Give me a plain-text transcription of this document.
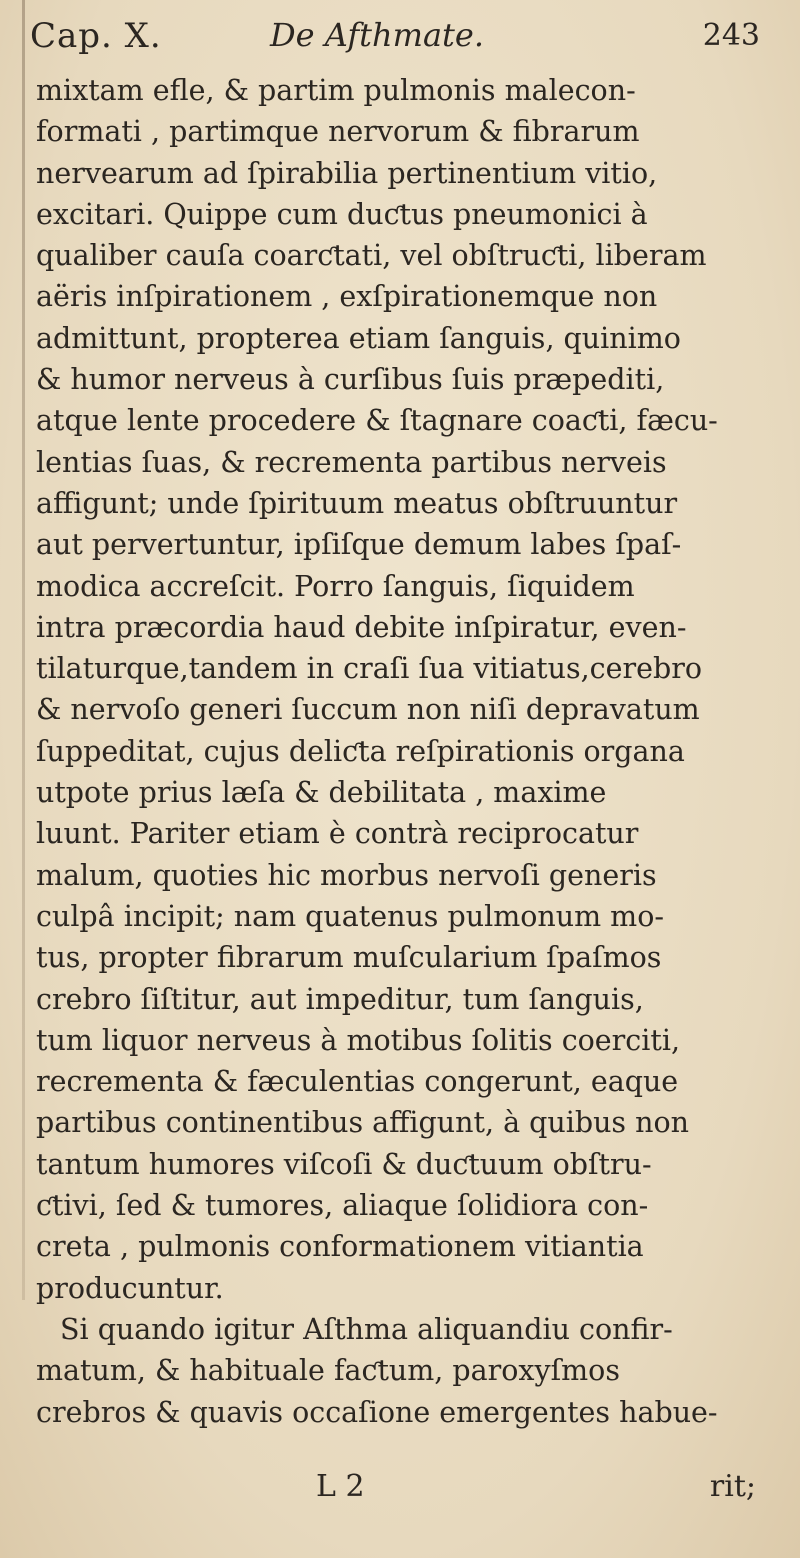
Cap. X.	De Afthmate.	243
mixtam efle, & partim pulmonis malecon-
formati , partimque nervorum & fibrarum
nervearum ad ſpirabilia pertinentium vitio,
excitari. Quippe cum duƈtus pneumonici à
qualiber cauſa coarƈtati, vel obſtruƈti, liberam
aëris inſpirationem , exſpirationemque non
admittunt, propterea etiam ſanguis, quinimo
& humor nerveus à curſibus ſuis præpediti,
atque lente procedere & ſtagnare coaƈti, fæcu-
lentias ſuas, & recrementa partibus nerveis
affigunt; unde ſpirituum meatus obſtruuntur
aut pervertuntur, ipſiſque demum labes ſpaſ-
modica accreſcit. Porro ſanguis, ſiquidem
intra præcordia haud debite inſpiratur, even-
tilaturque,tandem in craſi ſua vitiatus,cerebro
& nervoſo generi ſuccum non niſi depravatum
ſuppeditat, cujus deliƈta reſpirationis organa
utpote prius læſa & debilitata , maxime
luunt. Pariter etiam è contrà reciprocatur
malum, quoties hic morbus nervoſi generis
culpâ incipit; nam quatenus pulmonum mo-
tus, propter fibrarum muſcularium ſpaſmos
crebro ſiſtitur, aut impeditur, tum ſanguis,
tum liquor nerveus à motibus ſolitis coerciti,
recrementa & fæculentias congerunt, eaque
partibus continentibus affigunt, à quibus non
tantum humores viſcoſi & duƈtuum obſtru-
ƈtivi, ſed & tumores, aliaque ſolidiora con-
creta , pulmonis conformationem vitiantia
producuntur.
Si quando igitur Aſthma aliquandiu confir-
matum, & habituale faƈtum, paroxyſmos
crebros & quavis occaſione emergentes habue-
L 2	rit;
